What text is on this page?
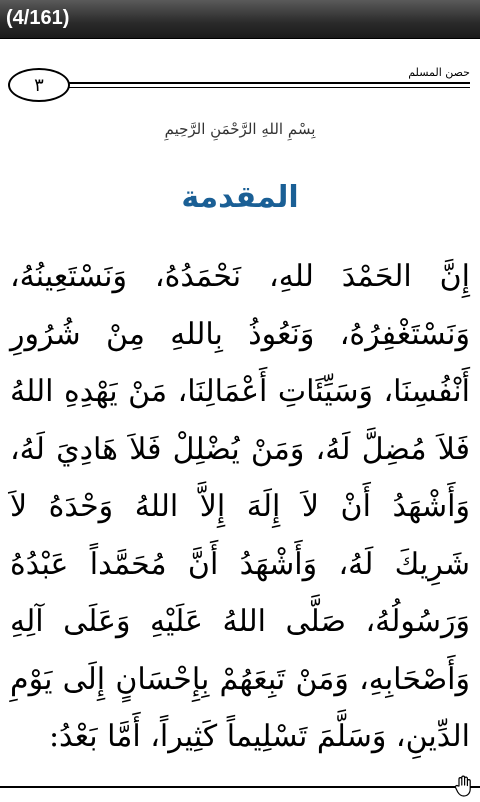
(4/161)
٣
حصن المسلم
بِسْمِ اللهِ الرَّحْمَنِ الرَّحِيمِ
المقدمة
إِنَّ الحَمْدَ للهِ، نَحْمَدُهُ، وَنَسْتَعِينُهُ، وَنَسْتَغْفِرُهُ، وَنَعُوذُ بِاللهِ مِنْ شُرُورِ أَنْفُسِنَا، وَسَيِّئَاتِ أَعْمَالِنَا، مَنْ يَهْدِهِ اللهُ فَلاَ مُضِلَّ لَهُ، وَمَنْ يُضْلِلْ فَلاَ هَادِيَ لَهُ، وَأَشْهَدُ أَنْ لاَ إِلَهَ إِلاَّ اللهُ وَحْدَهُ لاَ شَرِيكَ لَهُ، وَأَشْهَدُ أَنَّ مُحَمَّداً عَبْدُهُ وَرَسُولُهُ، صَلَّى اللهُ عَلَيْهِ وَعَلَى آلِهِ وَأَصْحَابِهِ، وَمَنْ تَبِعَهُمْ بِإِحْسَانٍ إِلَى يَوْمِ الدِّينِ، وَسَلَّمَ تَسْلِيماً كَثِيراً، أَمَّا بَعْدُ:
